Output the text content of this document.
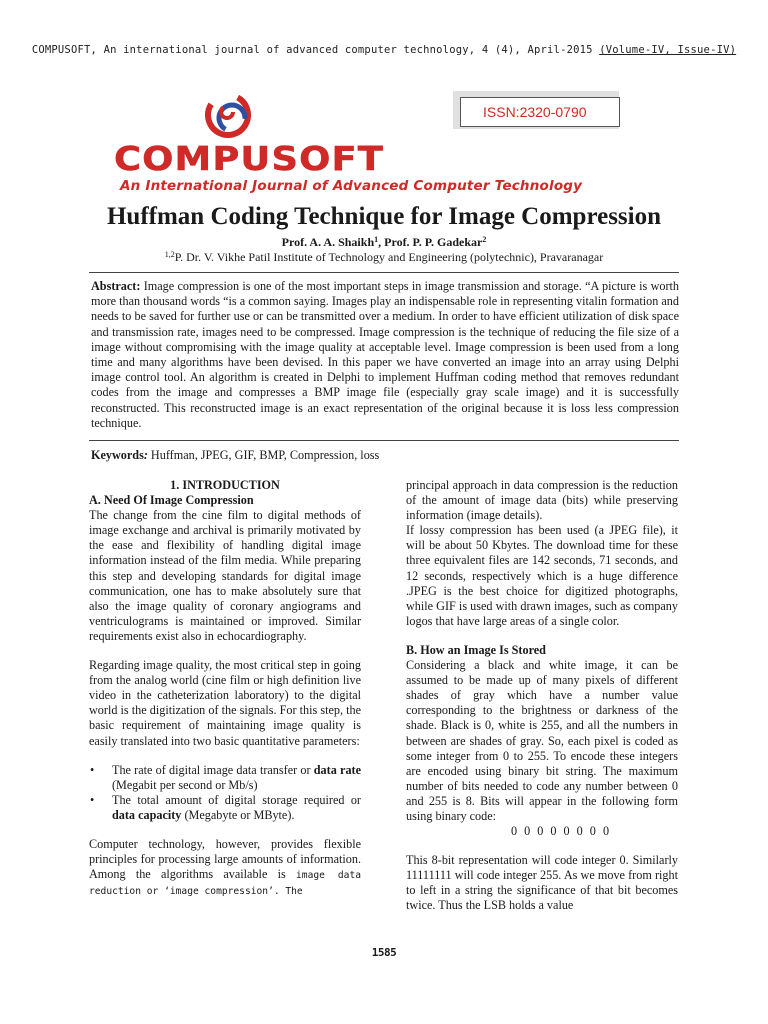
COMPUSOFT, An international journal of advanced computer technology, 4 (4), April-2015 (Volume-IV, Issue-IV)
ISSN:2320-0790
COMPUSOFT
An International Journal of Advanced Computer Technology
Huffman Coding Technique for Image Compression
Prof. A. A. Shaikh$^1$, Prof. P. P. Gadekar$^2$
$^{1,2}$P. Dr. V. Vikhe Patil Institute of Technology and Engineering (polytechnic), Pravaranagar

Abstract: Image compression is one of the most important steps in image transmission and storage. “A picture is worth more than thousand words “is a common saying. Images play an indispensable role in representing vitalin formation and needs to be saved for further use or can be transmitted over a medium. In order to have efficient utilization of disk space and transmission rate, images need to be compressed. Image compression is the technique of reducing the file size of a image without compromising with the image quality at acceptable level. Image compression is been used from a long time and many algorithms have been devised. In this paper we have converted an image into an array using Delphi image control tool. An algorithm is created in Delphi to implement Huffman coding method that removes redundant codes from the image and compresses a BMP image file (especially gray scale image) and it is successfully reconstructed. This reconstructed image is an exact representation of the original because it is loss less compression technique.

Keywords: Huffman, JPEG, GIF, BMP, Compression, loss

1. INTRODUCTION

A. Need Of Image Compression

The change from the cine film to digital methods of image exchange and archival is primarily motivated by the ease and flexibility of handling digital image information instead of the film media. While preparing this step and developing standards for digital image communication, one has to make absolutely sure that also the image quality of coronary angiograms and ventriculograms is maintained or improved. Similar requirements exist also in echocardiography.

Regarding image quality, the most critical step in going from the analog world (cine film or high definition live video in the catheterization laboratory) to the digital world is the digitization of the signals. For this step, the basic requirement of maintaining image quality is easily translated into two basic quantitative parameters:

• The rate of digital image data transfer or data rate (Megabit per second or Mb/s)
• The total amount of digital storage required or data capacity (Megabyte or MByte).

Computer technology, however, provides flexible principles for processing large amounts of information. Among the algorithms available is image data reduction or ‘image compression’. The

principal approach in data compression is the reduction of the amount of image data (bits) while preserving information (image details).

If lossy compression has been used (a JPEG file), it will be about 50 Kbytes. The download time for these three equivalent files are 142 seconds, 71 seconds, and 12 seconds, respectively which is a huge difference .JPEG is the best choice for digitized photographs, while GIF is used with drawn images, such as company logos that have large areas of a single color.

B. How an Image Is Stored

Considering a black and white image, it can be assumed to be made up of many pixels of different shades of gray which have a number value corresponding to the brightness or darkness of the shade. Black is 0, white is 255, and all the numbers in between are shades of gray. So, each pixel is coded as some integer from 0 to 255. To encode these integers are encoded using binary bit string. The maximum number of bits needed to code any number between 0 and 255 is 8. Bits will appear in the following form using binary code:

0 0 0 0 0 0 0 0

This 8-bit representation will code integer 0. Similarly 11111111 will code integer 255. As we move from right to left in a string the significance of that bit becomes twice. Thus the LSB holds a value

1585
